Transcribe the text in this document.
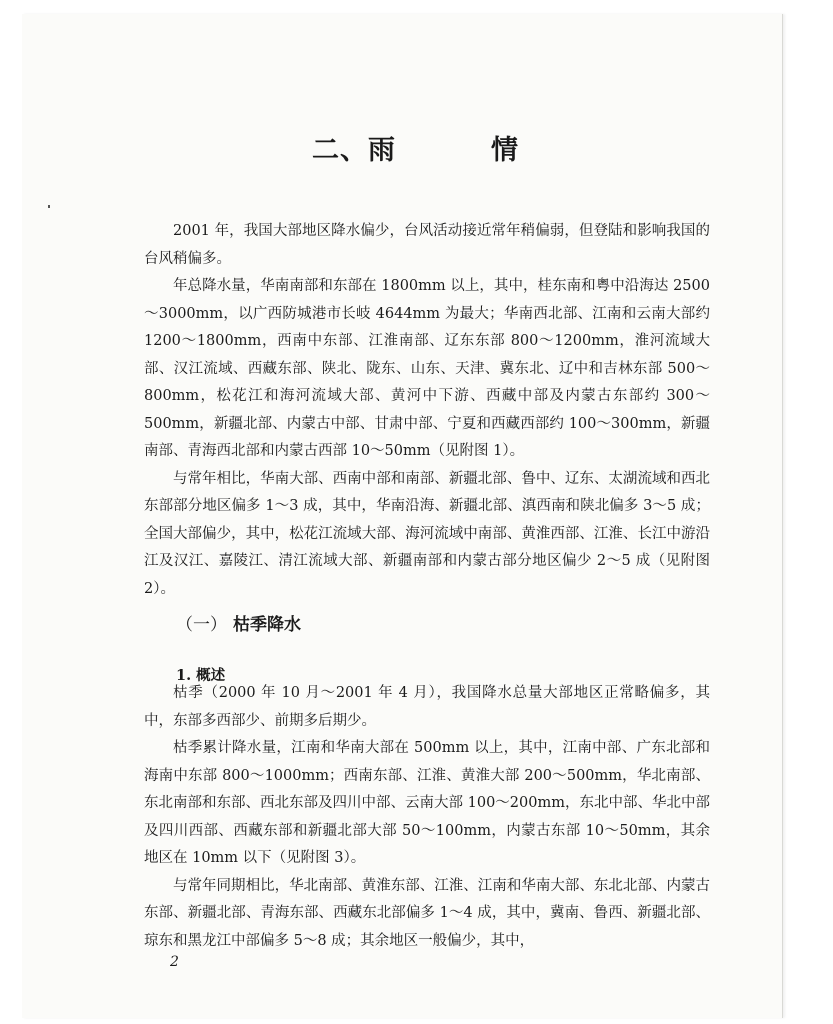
二、雨	情

2001 年，我国大部地区降水偏少，台风活动接近常年稍偏弱，但登陆和影响我国的台风稍偏多。

年总降水量，华南南部和东部在 1800mm 以上，其中，桂东南和粤中沿海达 2500～3000mm，以广西防城港市长岐 4644mm 为最大；华南西北部、江南和云南大部约 1200～1800mm，西南中东部、江淮南部、辽东东部 800～1200mm，淮河流域大部、汉江流域、西藏东部、陕北、陇东、山东、天津、冀东北、辽中和吉林东部 500～800mm，松花江和海河流域大部、黄河中下游、西藏中部及内蒙古东部约 300～500mm，新疆北部、内蒙古中部、甘肃中部、宁夏和西藏西部约 100～300mm，新疆南部、青海西北部和内蒙古西部 10～50mm（见附图 1）。

与常年相比，华南大部、西南中部和南部、新疆北部、鲁中、辽东、太湖流域和西北东部部分地区偏多 1～3 成，其中，华南沿海、新疆北部、滇西南和陕北偏多 3～5 成；全国大部偏少，其中，松花江流域大部、海河流域中南部、黄淮西部、江淮、长江中游沿江及汉江、嘉陵江、清江流域大部、新疆南部和内蒙古部分地区偏少 2～5 成（见附图 2）。

（一） 枯季降水
1. 概述

枯季（2000 年 10 月～2001 年 4 月），我国降水总量大部地区正常略偏多，其中，东部多西部少、前期多后期少。

枯季累计降水量，江南和华南大部在 500mm 以上，其中，江南中部、广东北部和海南中东部 800～1000mm；西南东部、江淮、黄淮大部 200～500mm，华北南部、东北南部和东部、西北东部及四川中部、云南大部 100～200mm，东北中部、华北中部及四川西部、西藏东部和新疆北部大部 50～100mm，内蒙古东部 10～50mm，其余地区在 10mm 以下（见附图 3）。

与常年同期相比，华北南部、黄淮东部、江淮、江南和华南大部、东北北部、内蒙古东部、新疆北部、青海东部、西藏东北部偏多 1～4 成，其中，冀南、鲁西、新疆北部、琼东和黑龙江中部偏多 5～8 成；其余地区一般偏少，其中，

2
